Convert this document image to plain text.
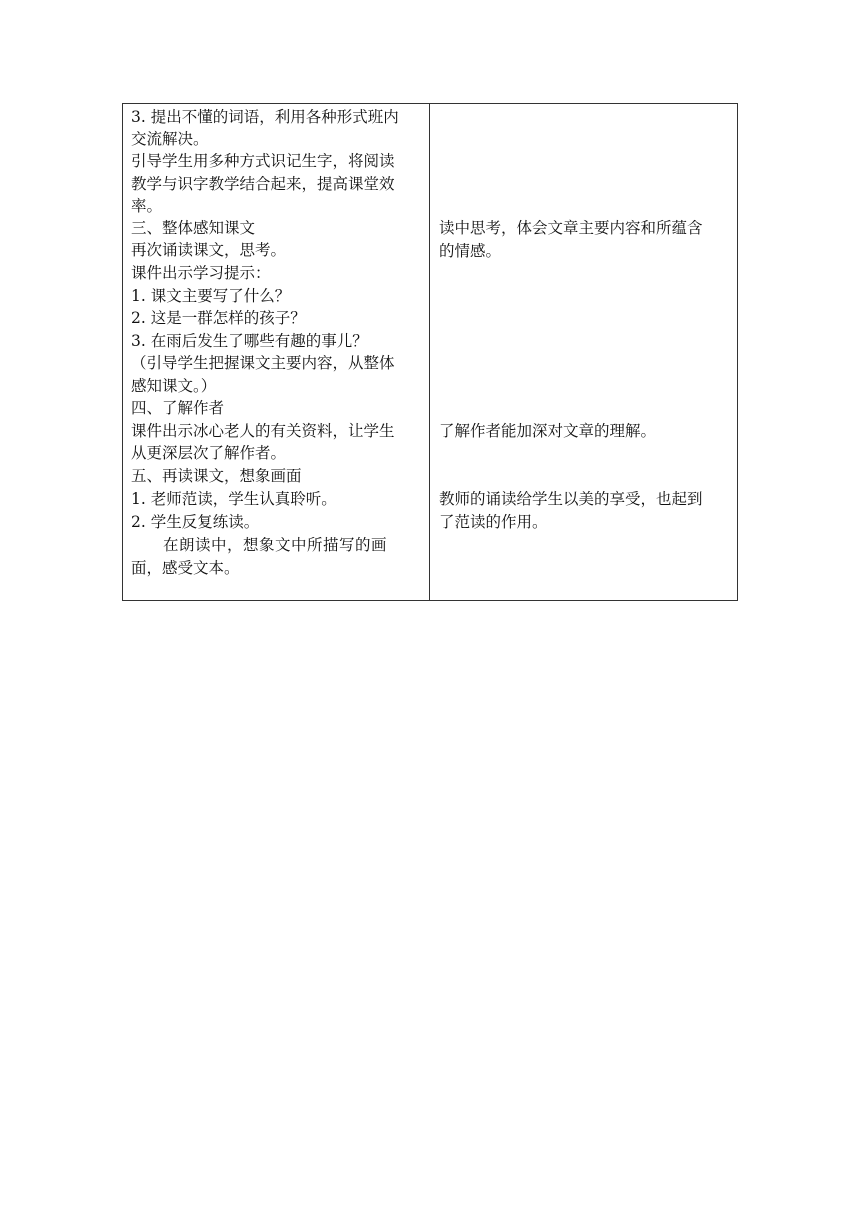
3. 提出不懂的词语，利用各种形式班内
交流解决。
引导学生用多种方式识记生字，将阅读
教学与识字教学结合起来，提高课堂效
率。
三、整体感知课文
再次诵读课文，思考。
课件出示学习提示：
1. 课文主要写了什么？
2. 这是一群怎样的孩子？
3. 在雨后发生了哪些有趣的事儿？
（引导学生把握课文主要内容，从整体
感知课文。）
四、了解作者
课件出示冰心老人的有关资料，让学生
从更深层次了解作者。
五、再读课文，想象画面
1. 老师范读，学生认真聆听。
2. 学生反复练读。
在朗读中，想象文中所描写的画
面，感受文本。
读中思考，体会文章主要内容和所蕴含
的情感。
了解作者能加深对文章的理解。
教师的诵读给学生以美的享受，也起到
了范读的作用。
